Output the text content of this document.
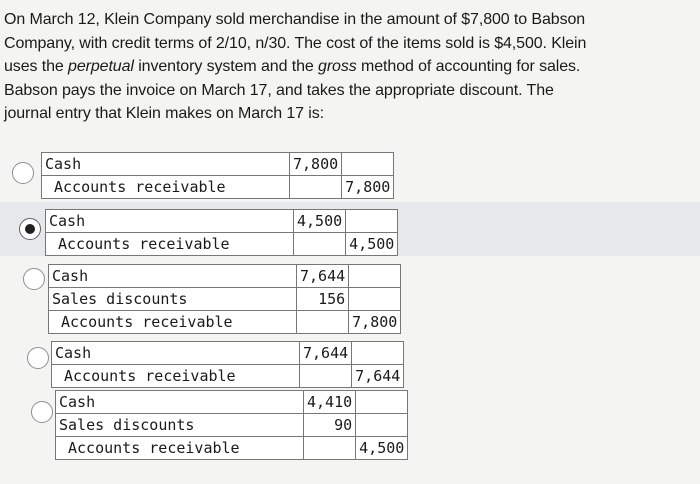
On March 12, Klein Company sold merchandise in the amount of $7,800 to Babson Company, with credit terms of 2/10, n/30. The cost of the items sold is $4,500. Klein uses the perpetual inventory system and the gross method of accounting for sales. Babson pays the invoice on March 17, and takes the appropriate discount. The journal entry that Klein makes on March 17 is:
Cash	7,800	
Accounts receivable		7,800
Cash	4,500	
Accounts receivable		4,500
Cash	7,644	
Sales discounts	156	
Accounts receivable		7,800
Cash	7,644	
Accounts receivable		7,644
Cash	4,410	
Sales discounts	90	
Accounts receivable		4,500
